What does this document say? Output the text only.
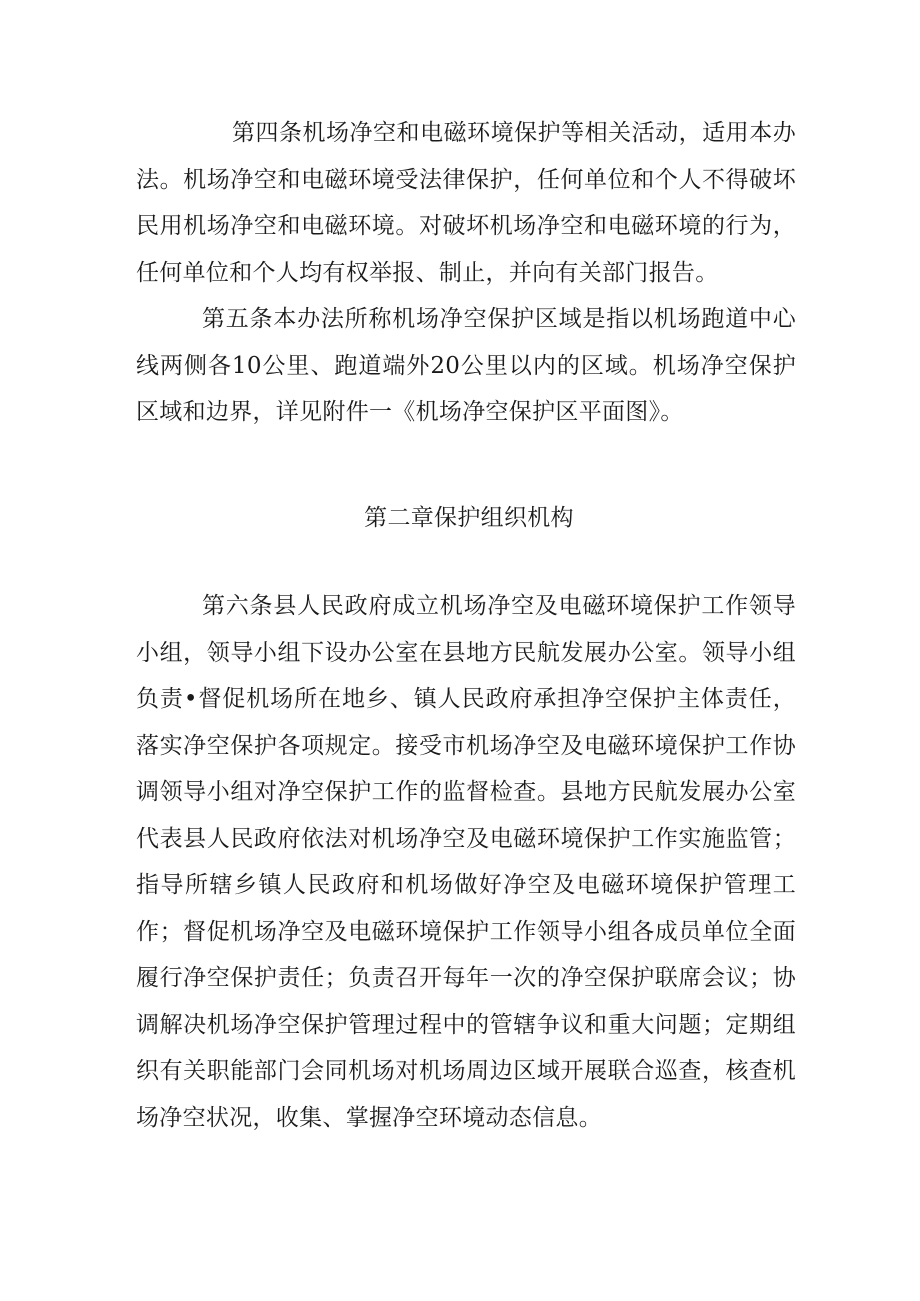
第四条机场净空和电磁环境保护等相关活动，适用本办法。机场净空和电磁环境受法律保护，任何单位和个人不得破坏民用机场净空和电磁环境。对破坏机场净空和电磁环境的行为，任何单位和个人均有权举报、制止，并向有关部门报告。

第五条本办法所称机场净空保护区域是指以机场跑道中心线两侧各10公里、跑道端外20公里以内的区域。机场净空保护区域和边界，详见附件一《机场净空保护区平面图》。

第二章保护组织机构

第六条县人民政府成立机场净空及电磁环境保护工作领导小组，领导小组下设办公室在县地方民航发展办公室。领导小组负责•督促机场所在地乡、镇人民政府承担净空保护主体责任，落实净空保护各项规定。接受市机场净空及电磁环境保护工作协调领导小组对净空保护工作的监督检查。县地方民航发展办公室代表县人民政府依法对机场净空及电磁环境保护工作实施监管；指导所辖乡镇人民政府和机场做好净空及电磁环境保护管理工作；督促机场净空及电磁环境保护工作领导小组各成员单位全面履行净空保护责任；负责召开每年一次的净空保护联席会议；协调解决机场净空保护管理过程中的管辖争议和重大问题；定期组织有关职能部门会同机场对机场周边区域开展联合巡查，核查机场净空状况，收集、掌握净空环境动态信息。
